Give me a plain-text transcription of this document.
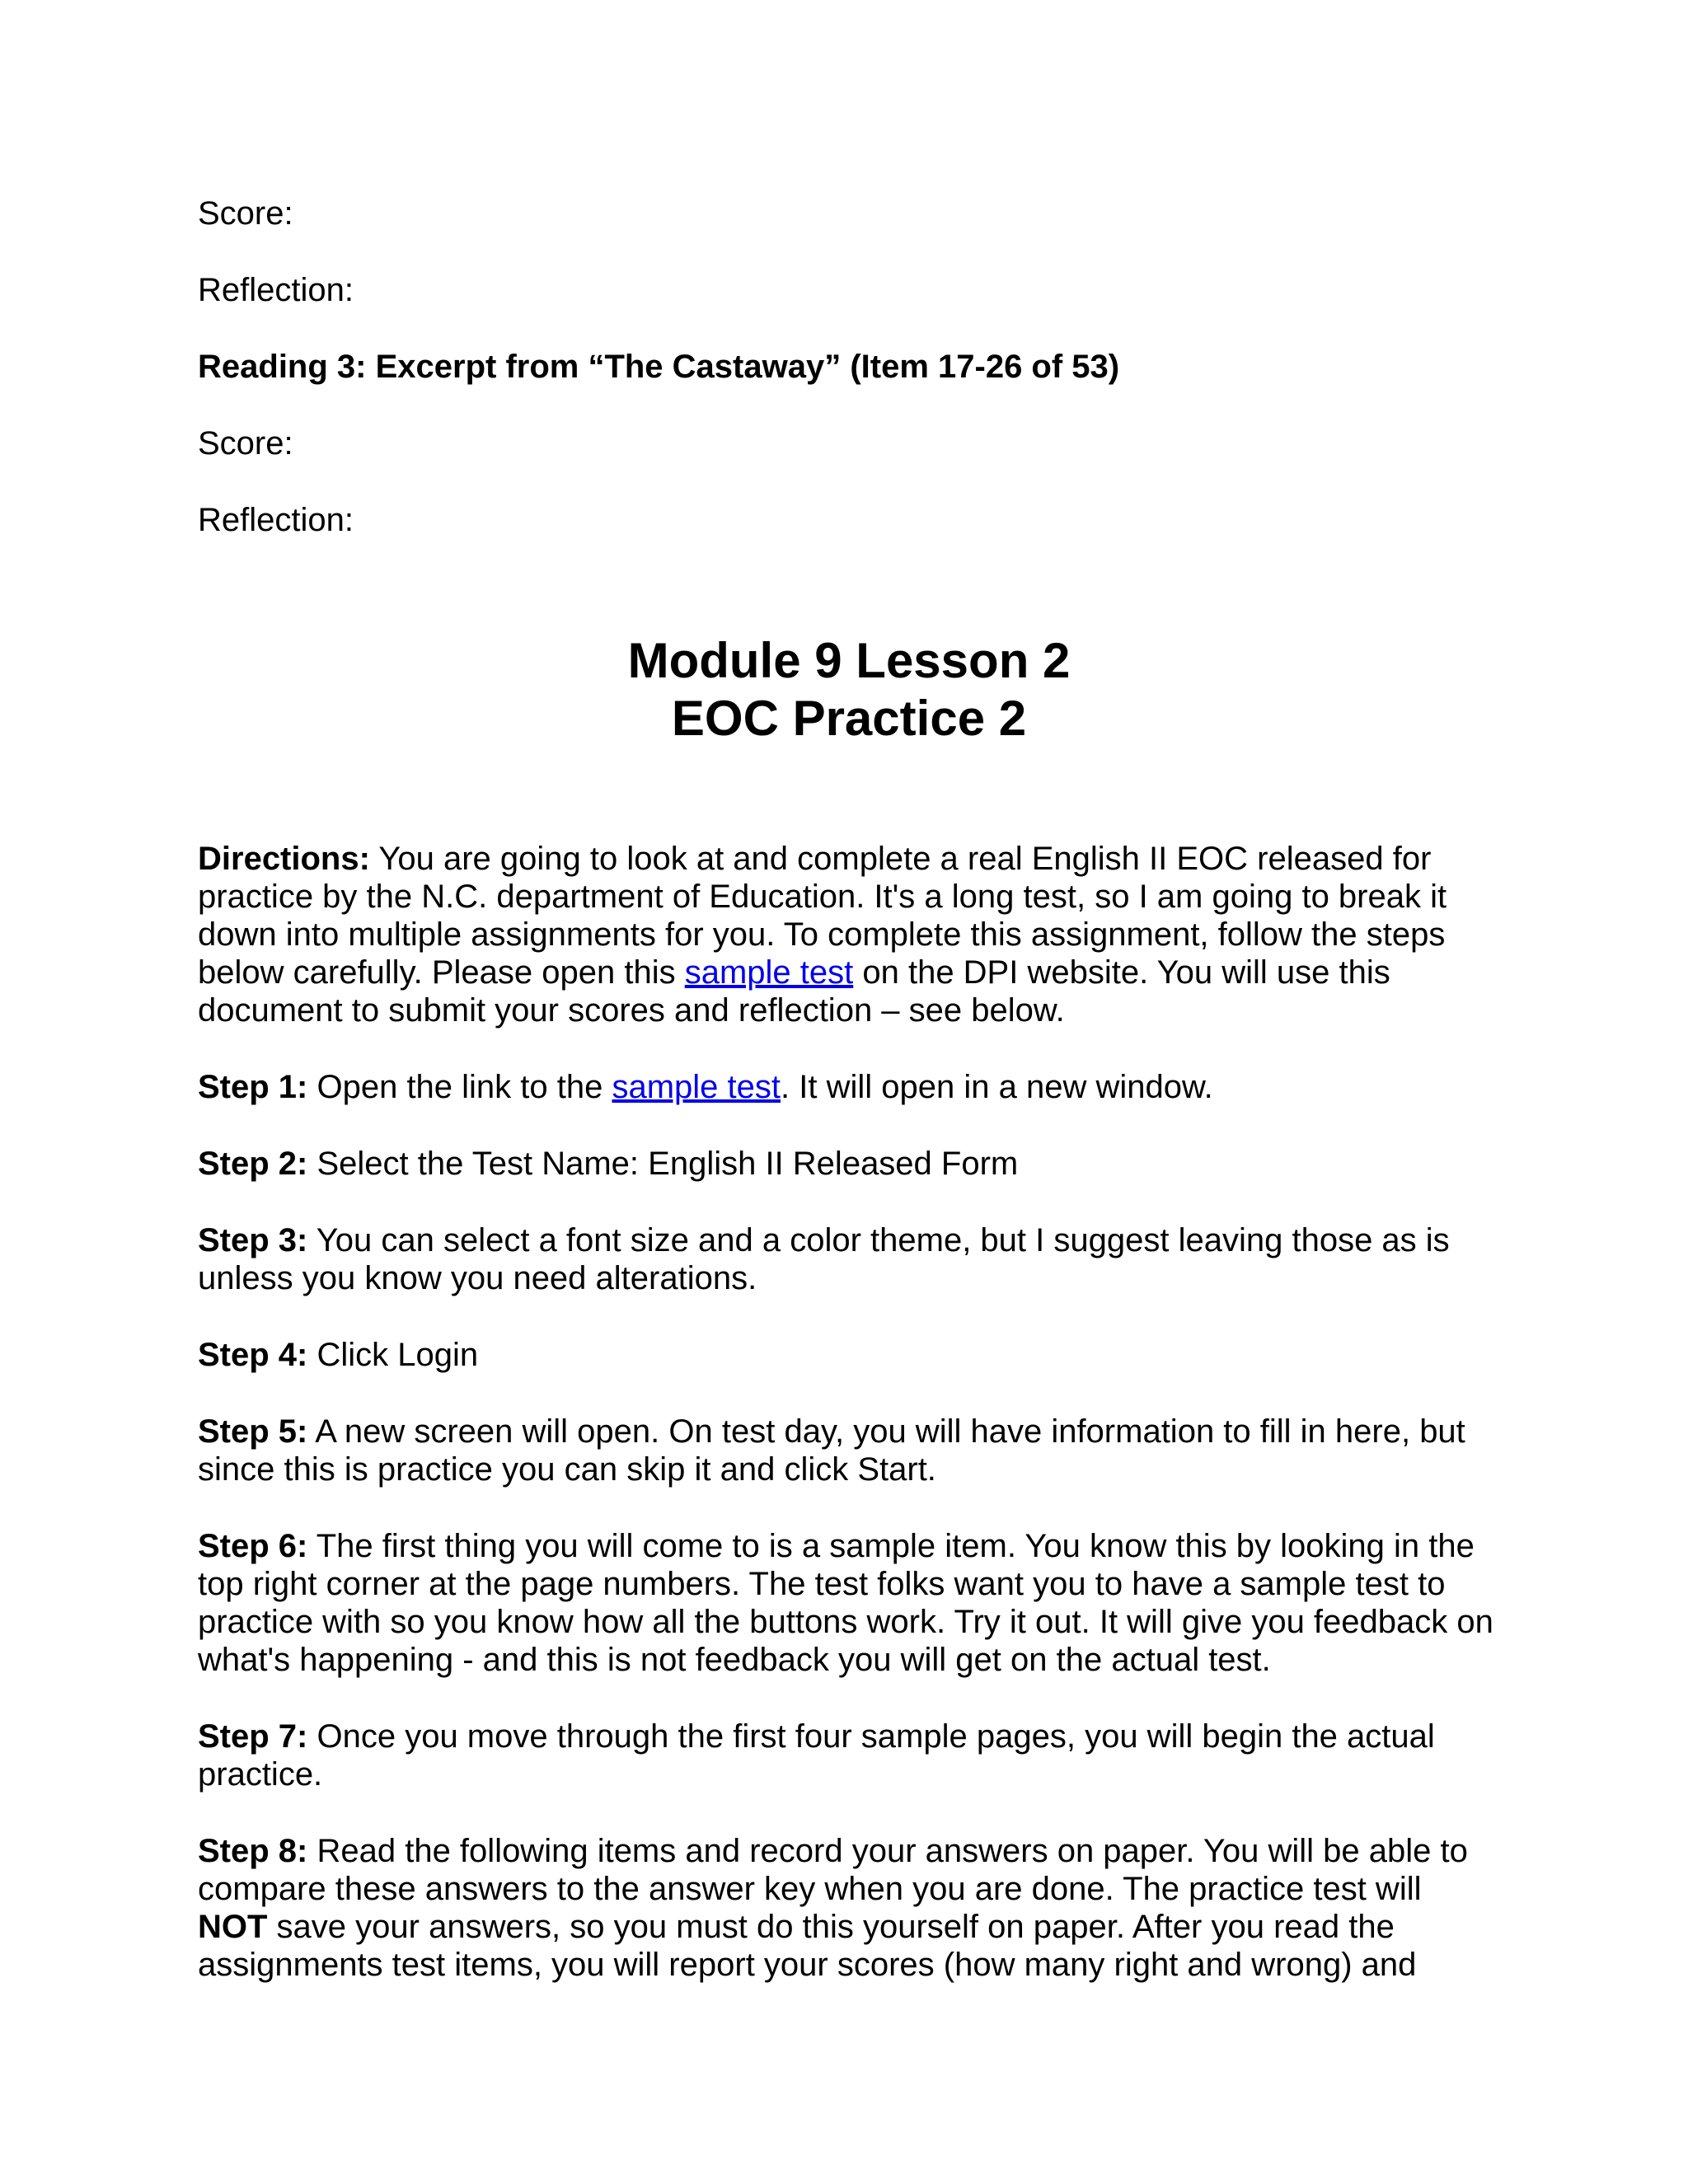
Score:

Reflection:

Reading 3: Excerpt from “The Castaway” (Item 17-26 of 53)

Score:

Reflection:

Module 9 Lesson 2
EOC Practice 2

Directions: You are going to look at and complete a real English II EOC released for practice by the N.C. department of Education. It's a long test, so I am going to break it down into multiple assignments for you. To complete this assignment, follow the steps below carefully. Please open this sample test on the DPI website. You will use this document to submit your scores and reflection – see below.

Step 1: Open the link to the sample test. It will open in a new window.

Step 2: Select the Test Name: English II Released Form

Step 3: You can select a font size and a color theme, but I suggest leaving those as is unless you know you need alterations.

Step 4: Click Login

Step 5: A new screen will open. On test day, you will have information to fill in here, but since this is practice you can skip it and click Start.

Step 6: The first thing you will come to is a sample item. You know this by looking in the top right corner at the page numbers. The test folks want you to have a sample test to practice with so you know how all the buttons work. Try it out. It will give you feedback on what's happening - and this is not feedback you will get on the actual test.

Step 7: Once you move through the first four sample pages, you will begin the actual practice.

Step 8: Read the following items and record your answers on paper. You will be able to compare these answers to the answer key when you are done. The practice test will NOT save your answers, so you must do this yourself on paper. After you read the assignments test items, you will report your scores (how many right and wrong) and
